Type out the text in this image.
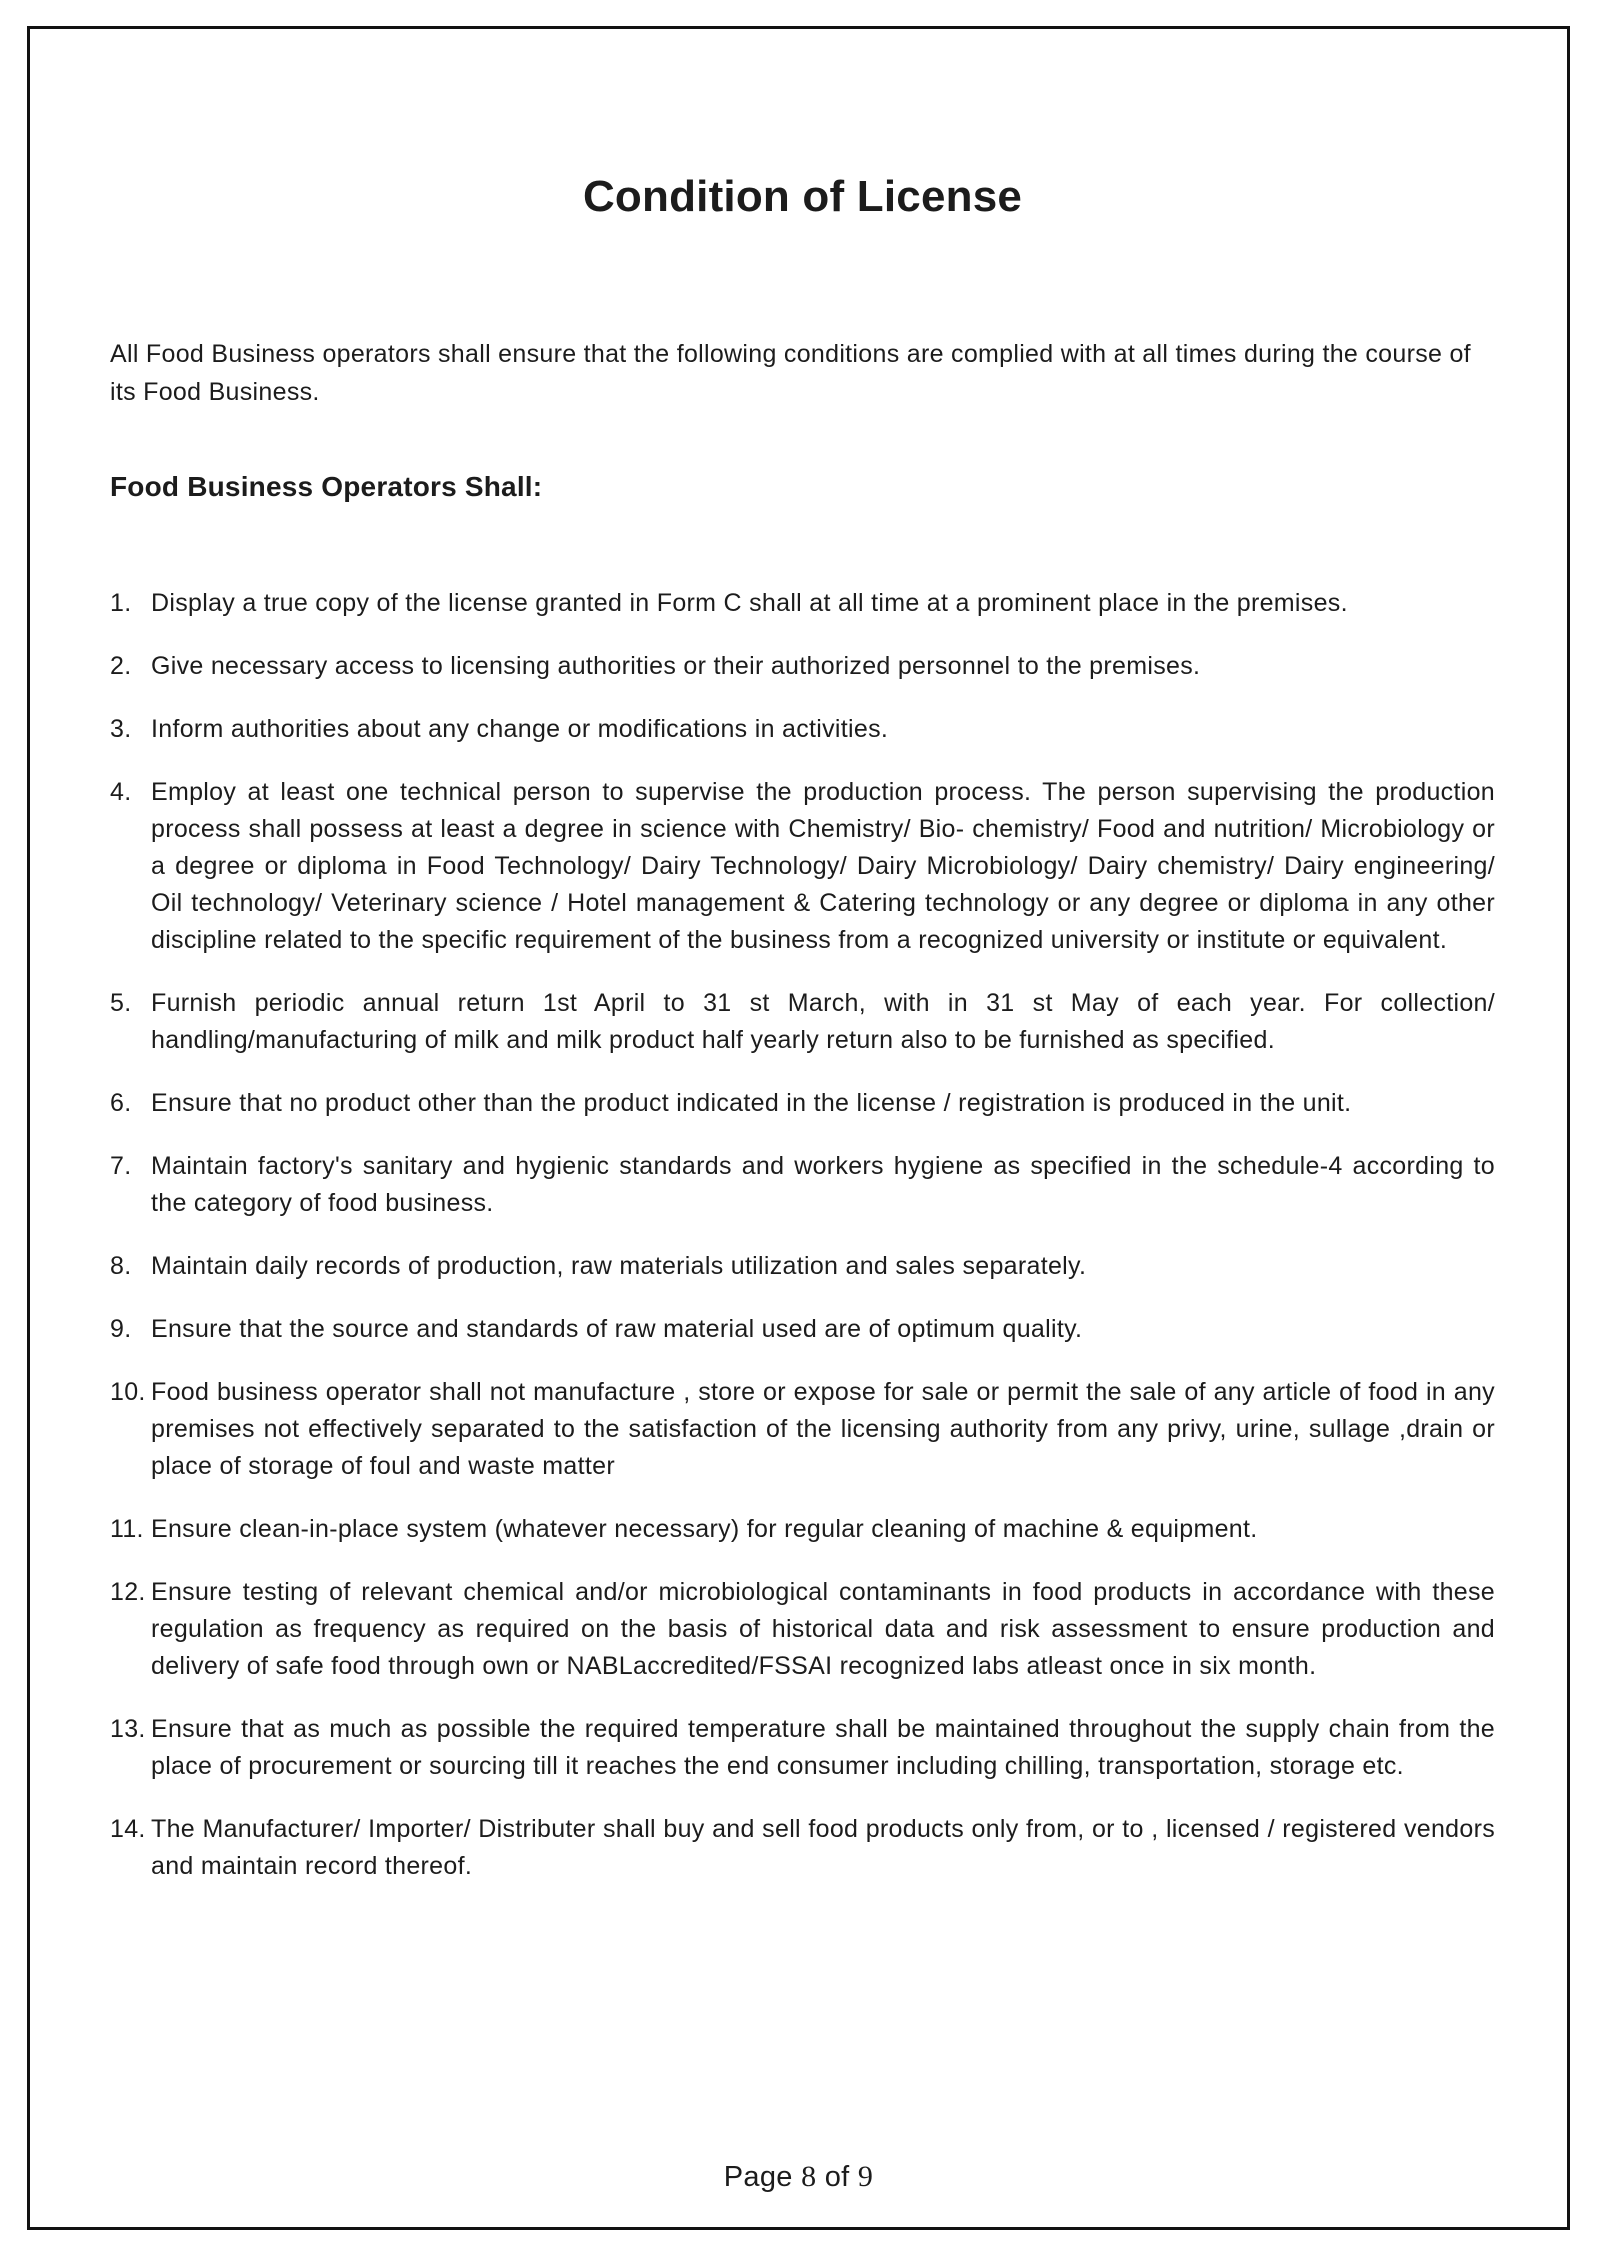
Condition of License
All Food Business operators shall ensure that the following conditions are complied with at all times during the course of its Food Business.
Food Business Operators Shall:
1. Display a true copy of the license granted in Form C shall at all time at a prominent place in the premises.
2. Give necessary access to licensing authorities or their authorized personnel to the premises.
3. Inform authorities about any change or modifications in activities.
4. Employ at least one technical person to supervise the production process. The person supervising the production process shall possess at least a degree in science with Chemistry/ Bio- chemistry/ Food and nutrition/ Microbiology or a degree or diploma in Food Technology/ Dairy Technology/ Dairy Microbiology/ Dairy chemistry/ Dairy engineering/ Oil technology/ Veterinary science / Hotel management & Catering technology or any degree or diploma in any other discipline related to the specific requirement of the business from a recognized university or institute or equivalent.
5. Furnish periodic annual return 1st April to 31 st March, with in 31 st May of each year. For collection/ handling/manufacturing of milk and milk product half yearly return also to be furnished as specified.
6. Ensure that no product other than the product indicated in the license / registration is produced in the unit.
7. Maintain factory's sanitary and hygienic standards and workers hygiene as specified in the schedule-4 according to the category of food business.
8. Maintain daily records of production, raw materials utilization and sales separately.
9. Ensure that the source and standards of raw material used are of optimum quality.
10. Food business operator shall not manufacture , store or expose for sale or permit the sale of any article of food in any premises not effectively separated to the satisfaction of the licensing authority from any privy, urine, sullage ,drain or place of storage of foul and waste matter
11. Ensure clean-in-place system (whatever necessary) for regular cleaning of machine & equipment.
12. Ensure testing of relevant chemical and/or microbiological contaminants in food products in accordance with these regulation as frequency as required on the basis of historical data and risk assessment to ensure production and delivery of safe food through own or NABLaccredited/FSSAI recognized labs atleast once in six month.
13. Ensure that as much as possible the required temperature shall be maintained throughout the supply chain from the place of procurement or sourcing till it reaches the end consumer including chilling, transportation, storage etc.
14. The Manufacturer/ Importer/ Distributer shall buy and sell food products only from, or to , licensed / registered vendors and maintain record thereof.
Page 8 of 9
